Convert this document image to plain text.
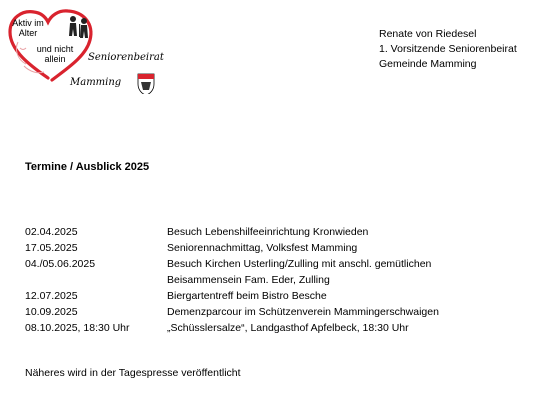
Aktiv im Alter
und nicht allein	Seniorenbeirat
Mamming
Renate von Riedesel
1. Vorsitzende Seniorenbeirat
Gemeinde Mamming
Termine / Ausblick 2025
02.04.2025	Besuch Lebenshilfeeinrichtung Kronwieden
17.05.2025	Seniorennachmittag, Volksfest Mamming
04./05.06.2025	Besuch Kirchen Usterling/Zulling mit anschl. gemütlichen Beisammensein Fam. Eder, Zulling
12.07.2025	Biergartentreff beim Bistro Besche
10.09.2025	Demenzparcour im Schützenverein Mammingerschwaigen
08.10.2025, 18:30 Uhr	„Schüsslersalze“, Landgasthof Apfelbeck, 18:30 Uhr
Näheres wird in der Tagespresse veröffentlicht
